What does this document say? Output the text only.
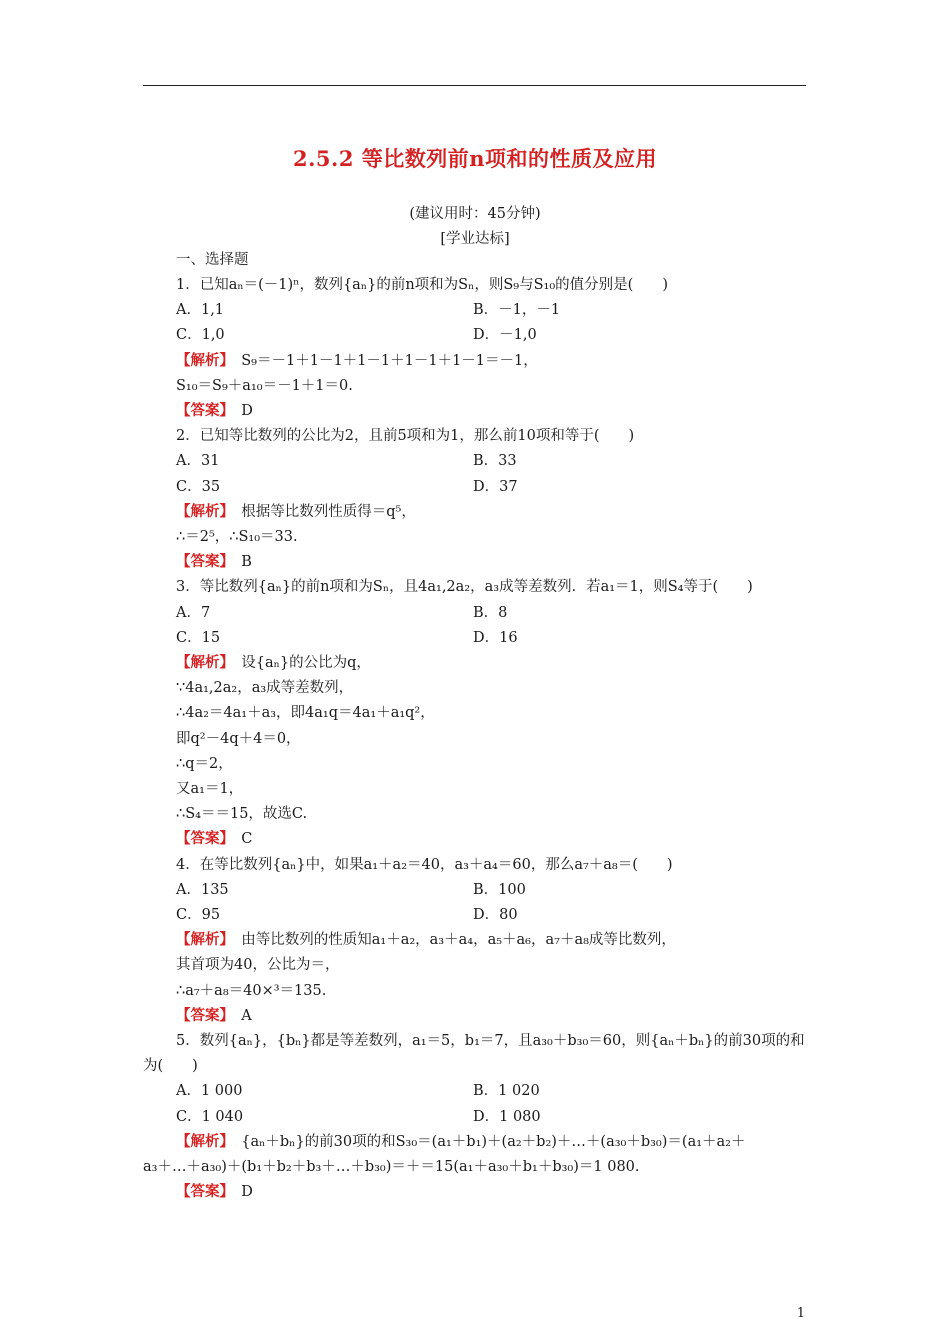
2.5.2 等比数列前n项和的性质及应用
(建议用时：45分钟)
[学业达标]
一、选择题
1．已知aₙ＝(－1)ⁿ，数列{aₙ}的前n项和为Sₙ，则S₉与S₁₀的值分别是(　　)
A．1,1	B．－1，－1
C．1,0	D．－1,0
【解析】　S₉＝－1＋1－1＋1－1＋1－1＋1－1＝－1，
S₁₀＝S₉＋a₁₀＝－1＋1＝0.
【答案】　D
2．已知等比数列的公比为2，且前5项和为1，那么前10项和等于(　　)
A．31	B．33
C．35	D．37
【解析】　根据等比数列性质得＝q⁵，
∴＝2⁵，∴S₁₀＝33.
【答案】　B
3．等比数列{aₙ}的前n项和为Sₙ，且4a₁,2a₂，a₃成等差数列．若a₁＝1，则S₄等于(　　)
A．7	B．8
C．15	D．16
【解析】　设{aₙ}的公比为q，
∵4a₁,2a₂，a₃成等差数列，
∴4a₂＝4a₁＋a₃，即4a₁q＝4a₁＋a₁q²，
即q²－4q＋4＝0，
∴q＝2，
又a₁＝1，
∴S₄＝＝15，故选C.
【答案】　C
4．在等比数列{aₙ}中，如果a₁＋a₂＝40，a₃＋a₄＝60，那么a₇＋a₈＝(　　)
A．135	B．100
C．95	D．80
【解析】　由等比数列的性质知a₁＋a₂，a₃＋a₄，a₅＋a₆，a₇＋a₈成等比数列，
其首项为40，公比为＝，
∴a₇＋a₈＝40×³＝135.
【答案】　A
5．数列{aₙ}，{bₙ}都是等差数列，a₁＝5，b₁＝7，且a₃₀＋b₃₀＝60，则{aₙ＋bₙ}的前30项的和
为(　　)
A．1 000	B．1 020
C．1 040	D．1 080
【解析】　{aₙ＋bₙ}的前30项的和S₃₀＝(a₁＋b₁)＋(a₂＋b₂)＋…＋(a₃₀＋b₃₀)＝(a₁＋a₂＋
a₃＋…＋a₃₀)＋(b₁＋b₂＋b₃＋…＋b₃₀)＝＋＝15(a₁＋a₃₀＋b₁＋b₃₀)＝1 080.
【答案】　D
1
